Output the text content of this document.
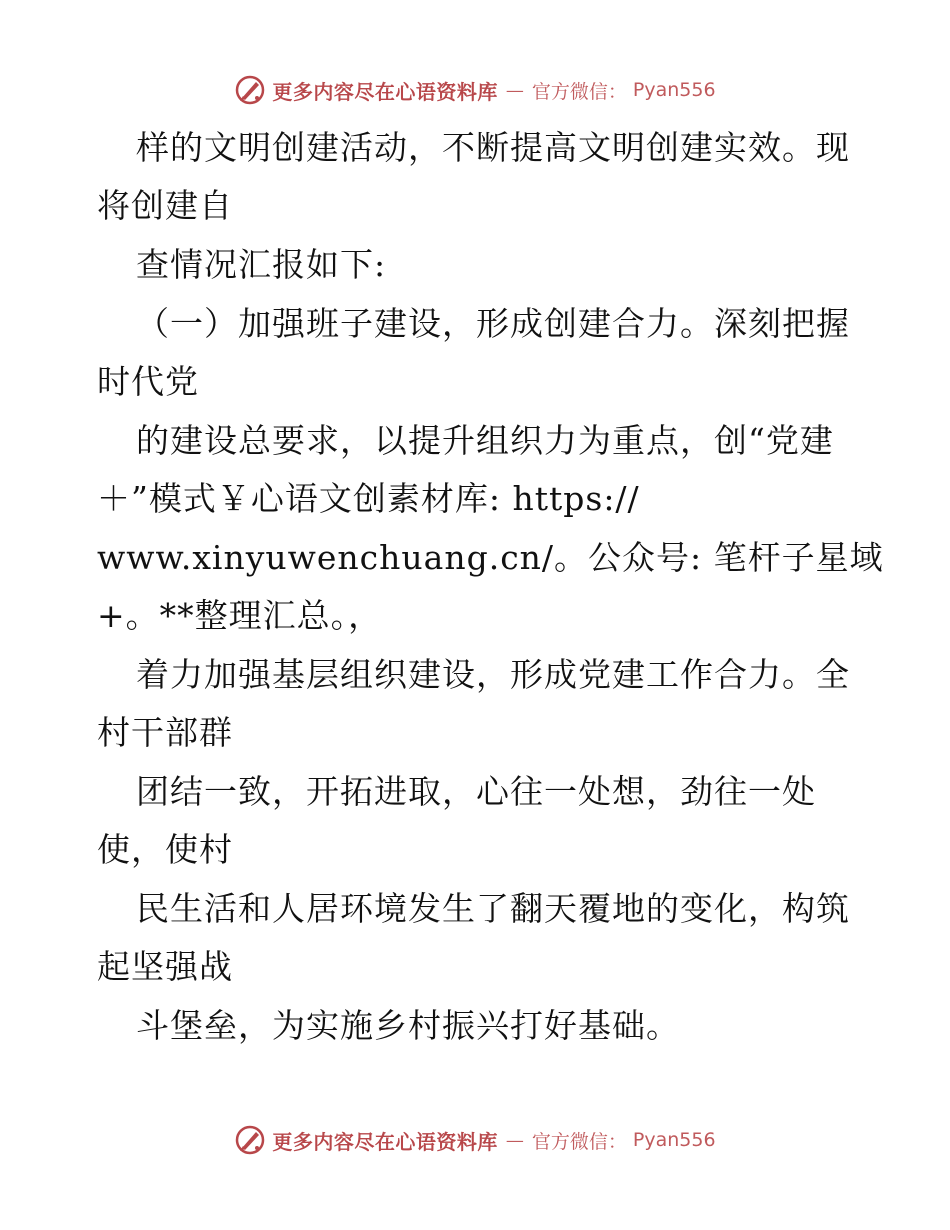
更多内容尽在心语资料库 — 官方微信： Pyan556
样的文明创建活动，不断提高文明创建实效。现
将创建自
查情况汇报如下:
（一）加强班子建设，形成创建合力。深刻把握
时代党
的建设总要求，以提升组织力为重点，创“党建
＋”模式￥心语文创素材库: https://
www.xinyuwenchuang.cn/。公众号: 笔杆子星域
+。**整理汇总。，
着力加强基层组织建设，形成党建工作合力。全
村干部群
团结一致，开拓进取，心往一处想，劲往一处
使，使村
民生活和人居环境发生了翻天覆地的变化，构筑
起坚强战
斗堡垒，为实施乡村振兴打好基础。
更多内容尽在心语资料库 — 官方微信： Pyan556
